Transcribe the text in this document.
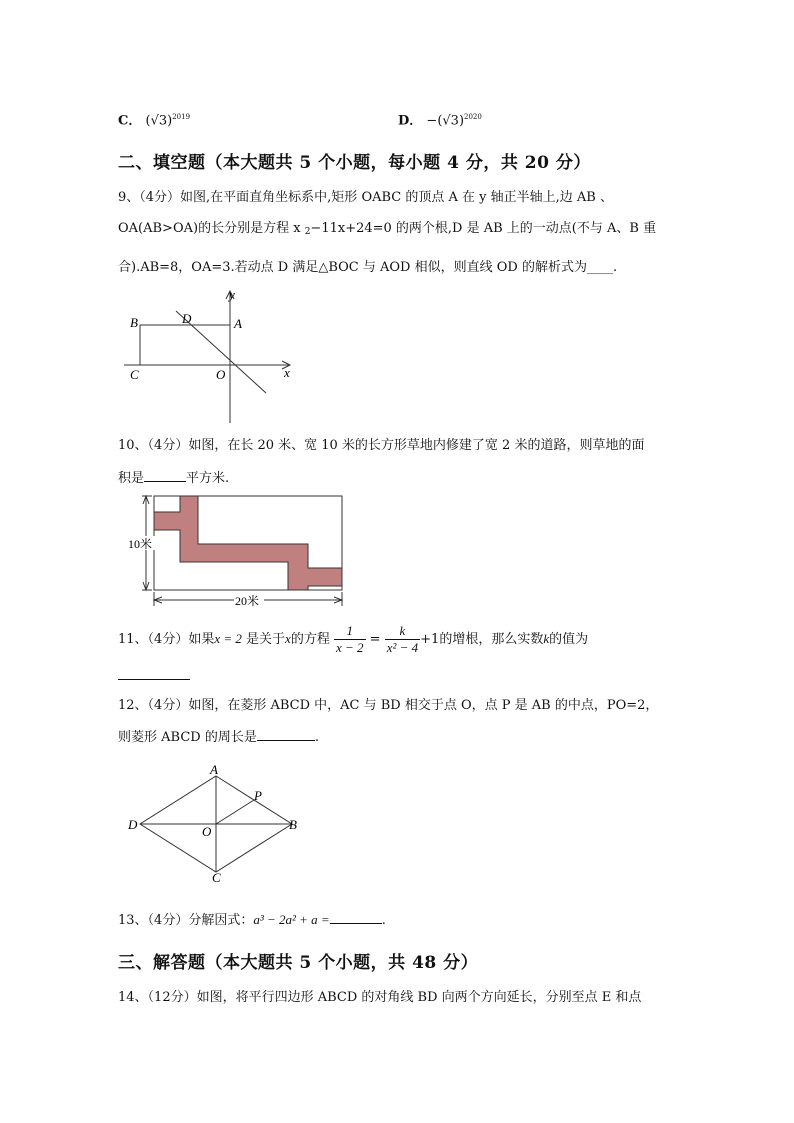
C． $(√3)^{2019}$	D． $-(√3)^{2020}$
二、填空题（本大题共 5 个小题，每小题 4 分，共 20 分）
9、（4分）如图,在平面直角坐标系中,矩形 OABC 的顶点 A 在 y 轴正半轴上,边 AB 、
OA(AB>OA)的长分别是方程 x 2−11x+24=0 的两个根,D 是 AB 上的一动点(不与 A、B 重
合).AB=8，OA=3.若动点 D 满足△BOC 与 AOD 相似，则直线 OD 的解析式为____.
y
x
B	D	A
C	O
10、（4分）如图，在长 20 米、宽 10 米的长方形草地内修建了宽 2 米的道路，则草地的面
积是	平方米.
10米
20米
11、（4分）如果x = 2 是关于x的方程 $\frac{1}{x - 2} = \frac{k}{\text{x² − 4}} +1$的增根，那么实数k的值为
12、（4分）如图，在菱形 ABCD 中，AC 与 BD 相交于点 O，点 P 是 AB 的中点，PO=2，
则菱形 ABCD 的周长是	.
A
P
D	O	B
C
13、（4分）分解因式：a³ − 2a² + a =	.
三、解答题（本大题共 5 个小题，共 48 分）
14、（12分）如图，将平行四边形 ABCD 的对角线 BD 向两个方向延长，分别至点 E 和点
